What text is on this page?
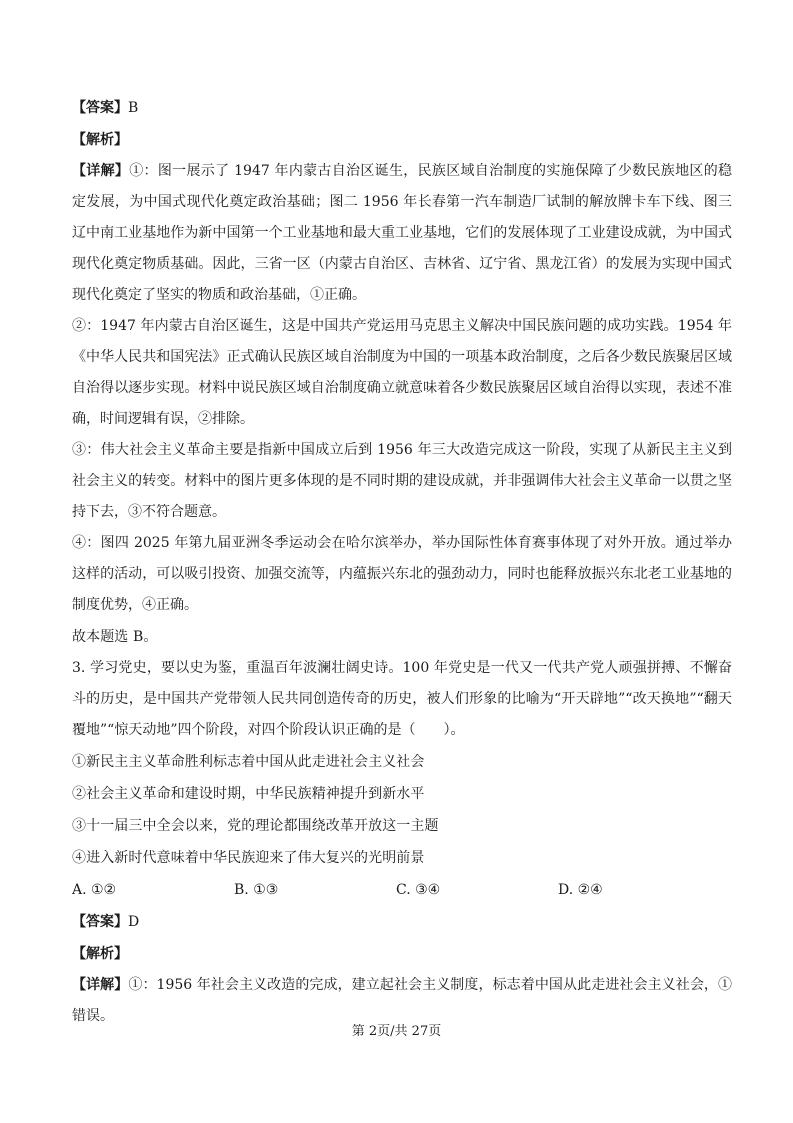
【答案】B
【解析】
【详解】①：图一展示了 1947 年内蒙古自治区诞生，民族区域自治制度的实施保障了少数民族地区的稳定发展，为中国式现代化奠定政治基础；图二 1956 年长春第一汽车制造厂试制的解放牌卡车下线、图三辽中南工业基地作为新中国第一个工业基地和最大重工业基地，它们的发展体现了工业建设成就，为中国式现代化奠定物质基础。因此，三省一区（内蒙古自治区、吉林省、辽宁省、黑龙江省）的发展为实现中国式现代化奠定了坚实的物质和政治基础，①正确。
②：1947 年内蒙古自治区诞生，这是中国共产党运用马克思主义解决中国民族问题的成功实践。1954 年《中华人民共和国宪法》正式确认民族区域自治制度为中国的一项基本政治制度，之后各少数民族聚居区域自治得以逐步实现。材料中说民族区域自治制度确立就意味着各少数民族聚居区域自治得以实现，表述不准确，时间逻辑有误，②排除。
③：伟大社会主义革命主要是指新中国成立后到 1956 年三大改造完成这一阶段，实现了从新民主主义到社会主义的转变。材料中的图片更多体现的是不同时期的建设成就，并非强调伟大社会主义革命一以贯之坚持下去，③不符合题意。
④：图四 2025 年第九届亚洲冬季运动会在哈尔滨举办，举办国际性体育赛事体现了对外开放。通过举办这样的活动，可以吸引投资、加强交流等，内蕴振兴东北的强劲动力，同时也能释放振兴东北老工业基地的制度优势，④正确。
故本题选 B。
3. 学习党史，要以史为鉴，重温百年波澜壮阔史诗。100 年党史是一代又一代共产党人顽强拼搏、不懈奋斗的历史，是中国共产党带领人民共同创造传奇的历史，被人们形象的比喻为“开天辟地”“改天换地”“翻天覆地”“惊天动地”四个阶段，对四个阶段认识正确的是（　　）。
①新民主主义革命胜利标志着中国从此走进社会主义社会
②社会主义革命和建设时期，中华民族精神提升到新水平
③十一届三中全会以来，党的理论都围绕改革开放这一主题
④进入新时代意味着中华民族迎来了伟大复兴的光明前景
A. ①②	B. ①③	C. ③④	D. ②④
【答案】D
【解析】
【详解】①：1956 年社会主义改造的完成，建立起社会主义制度，标志着中国从此走进社会主义社会，①错误。
第 2页/共 27页
